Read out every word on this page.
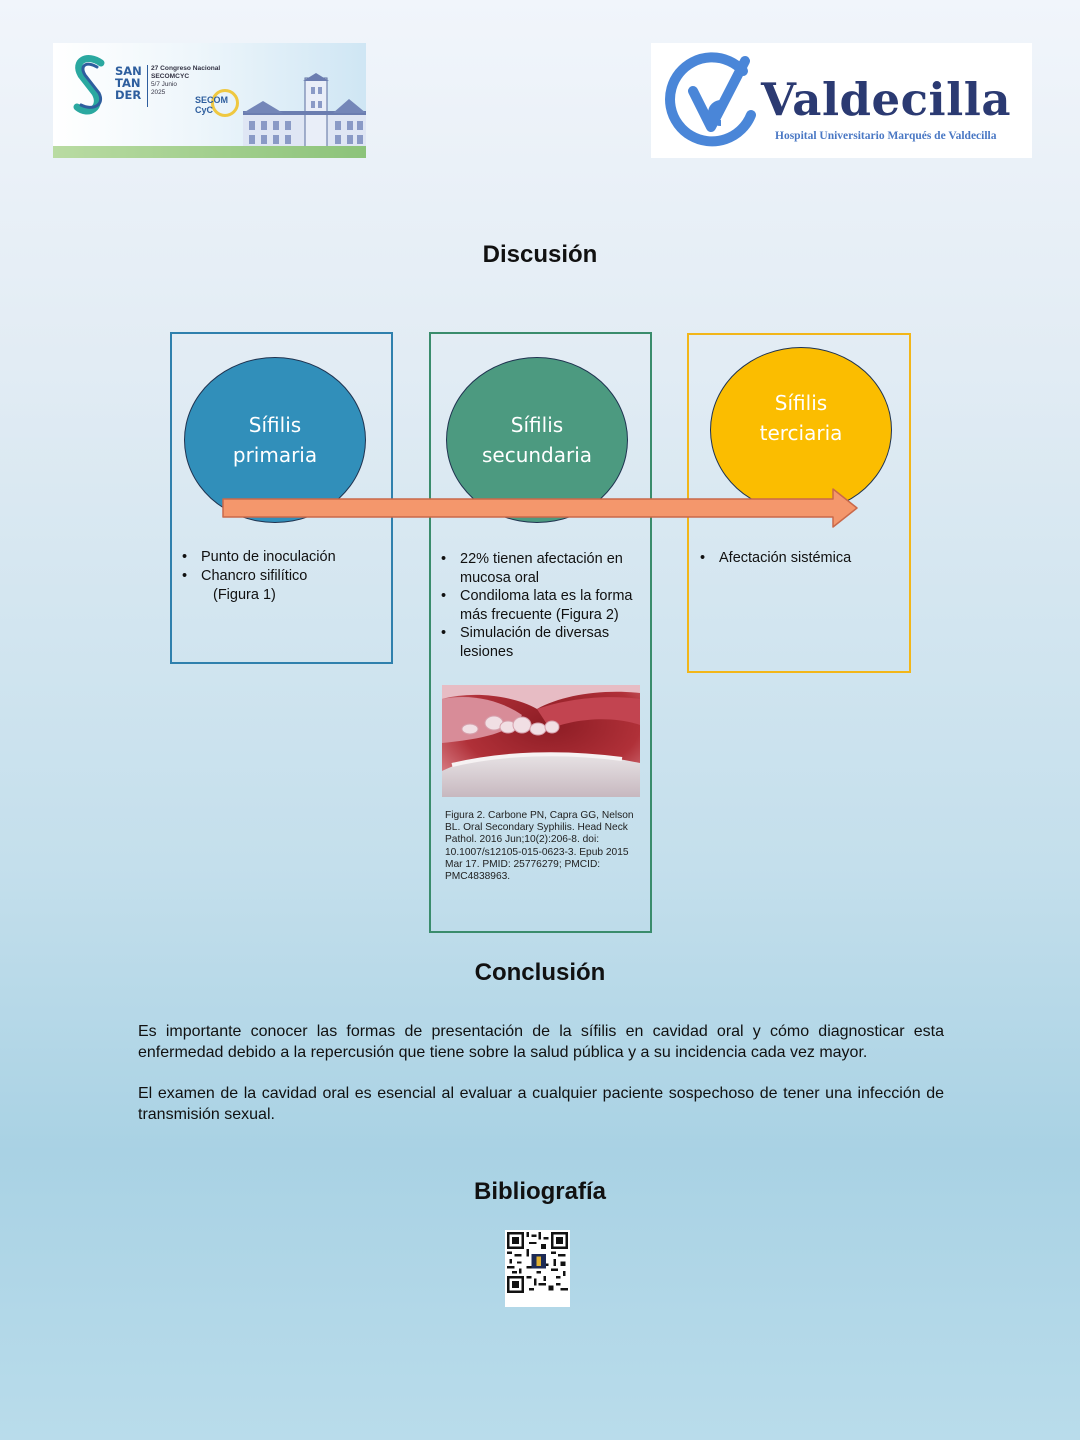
SAN
TAN
DER
27 Congreso Nacional
SECOMCYC
5/7 Junio
2025
SECOM
CyC	Valdecilla
Hospital Universitario Marqués de Valdecilla
Discusión
Sífilis
primaria
Sífilis
secundaria
Sífilis
terciaria
• Punto de inoculación
• Chancro sifilítico
(Figura 1)
• 22% tienen afectación en mucosa oral
• Condiloma lata es la forma más frecuente (Figura 2)
• Simulación de diversas lesiones
Figura 2. Carbone PN, Capra GG, Nelson BL. Oral Secondary Syphilis. Head Neck Pathol. 2016 Jun;10(2):206-8. doi: 10.1007/s12105-015-0623-3. Epub 2015 Mar 17. PMID: 25776279; PMCID: PMC4838963.
• Afectación sistémica
Conclusión

Es importante conocer las formas de presentación de la sífilis en cavidad oral y cómo diagnosticar esta enfermedad debido a la repercusión que tiene sobre la salud pública y a su incidencia cada vez mayor.

El examen de la cavidad oral es esencial al evaluar a cualquier paciente sospechoso de tener una infección de transmisión sexual.

Bibliografía
